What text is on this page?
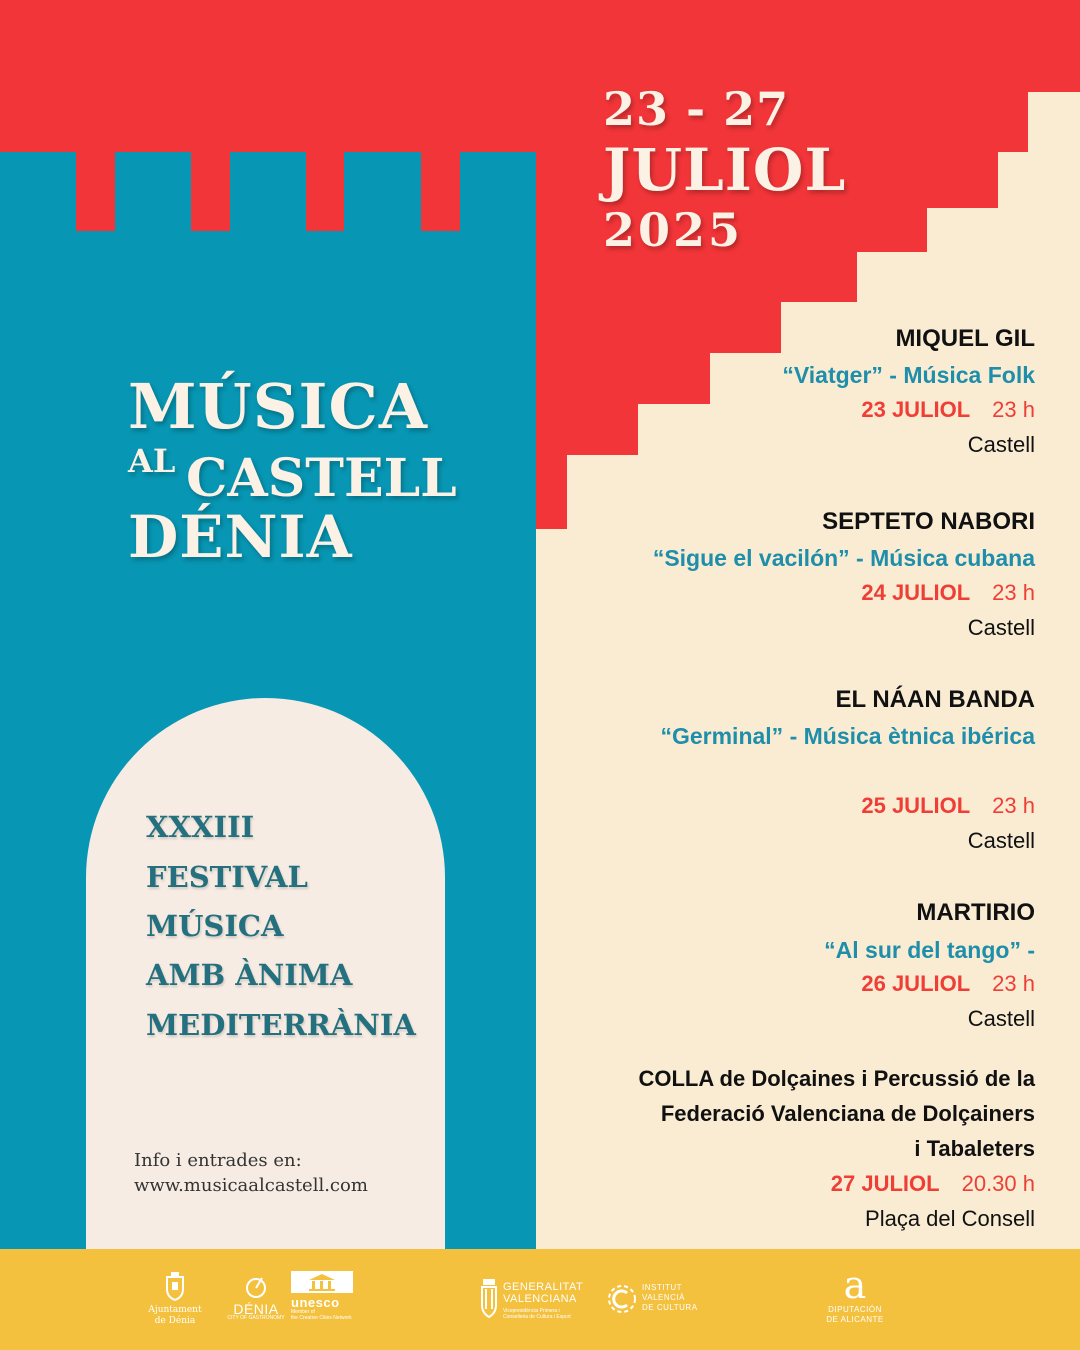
23 - 27
JULIOL
2025
MÚSICA
AL CASTELL
DÉNIA
XXXIII
FESTIVAL
MÚSICA
AMB ÀNIMA
MEDITERRÀNIA
Info i entrades en:
www.musicaalcastell.com
MIQUEL GIL
“Viatger” - Música Folk
23 JULIOL 23 h
Castell
SEPTETO NABORI
“Sigue el vacilón” - Música cubana
24 JULIOL 23 h
Castell
EL NÁAN BANDA
“Germinal” - Música ètnica ibérica
25 JULIOL 23 h
Castell
MARTIRIO
“Al sur del tango” -
26 JULIOL 23 h
Castell
COLLA de Dolçaines i Percussió de la
Federació Valenciana de Dolçainers
i Tabaleters
27 JULIOL 20.30 h
Plaça del Consell
Ajuntament
de Dénia
DÉNIA
CITY OF GASTRONOMY
unesco
Member of
the Creative Cities Network
GENERALITAT
VALENCIANA
Vicepresidència Primera i
Conselleria de Cultura i Esport
INSTITUT
VALENCIÀ
DE CULTURA
a
DIPUTACIÓN
DE ALICANTE
